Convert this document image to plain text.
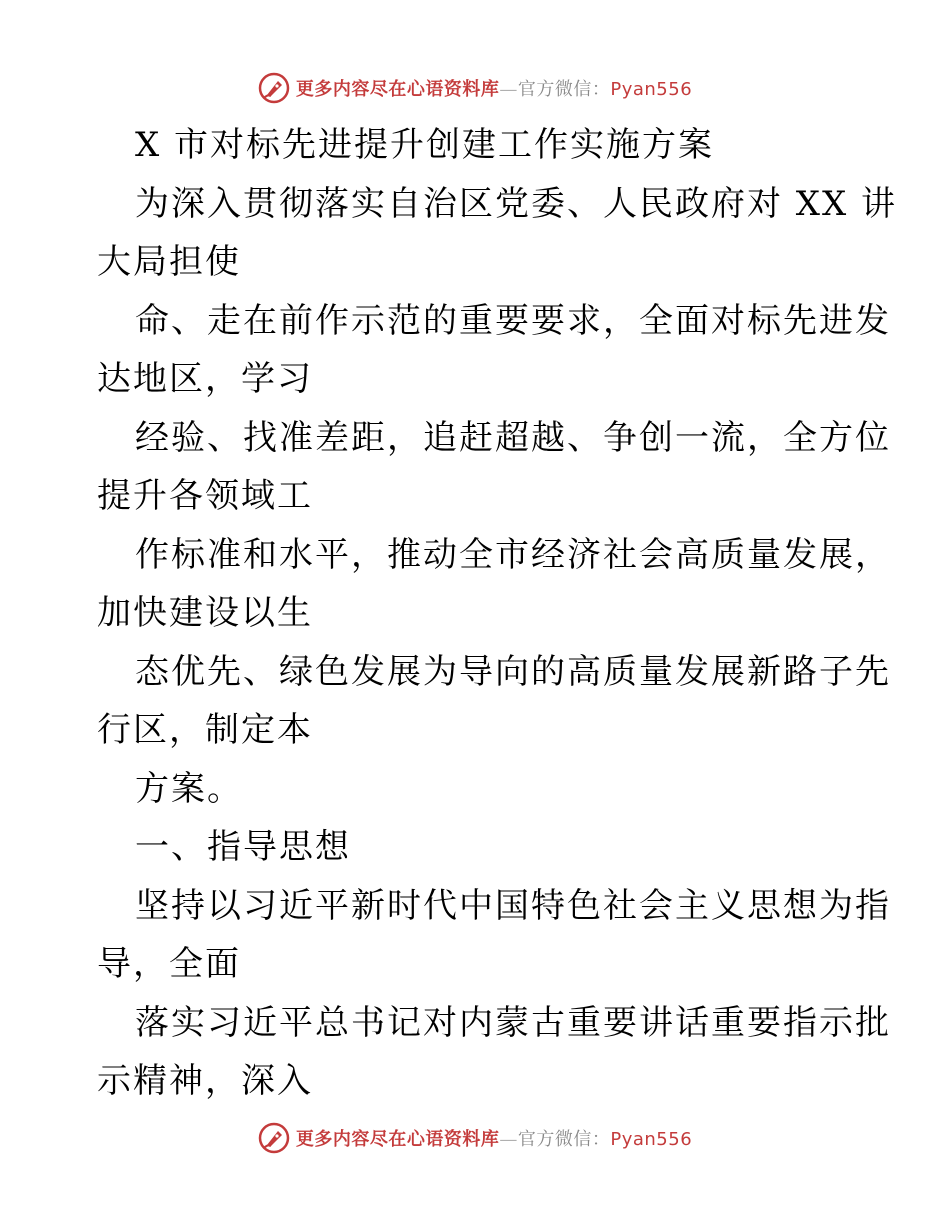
更多内容尽在心语资料库—官方微信：Pyan556
X 市对标先进提升创建工作实施方案
为深入贯彻落实自治区党委、人民政府对 XX 讲
大局担使
命、走在前作示范的重要要求，全面对标先进发
达地区，学习
经验、找准差距，追赶超越、争创一流，全方位
提升各领域工
作标准和水平，推动全市经济社会高质量发展，
加快建设以生
态优先、绿色发展为导向的高质量发展新路子先
行区，制定本
方案。
一、指导思想
坚持以习近平新时代中国特色社会主义思想为指
导，全面
落实习近平总书记对内蒙古重要讲话重要指示批
示精神，深入
更多内容尽在心语资料库—官方微信：Pyan556
